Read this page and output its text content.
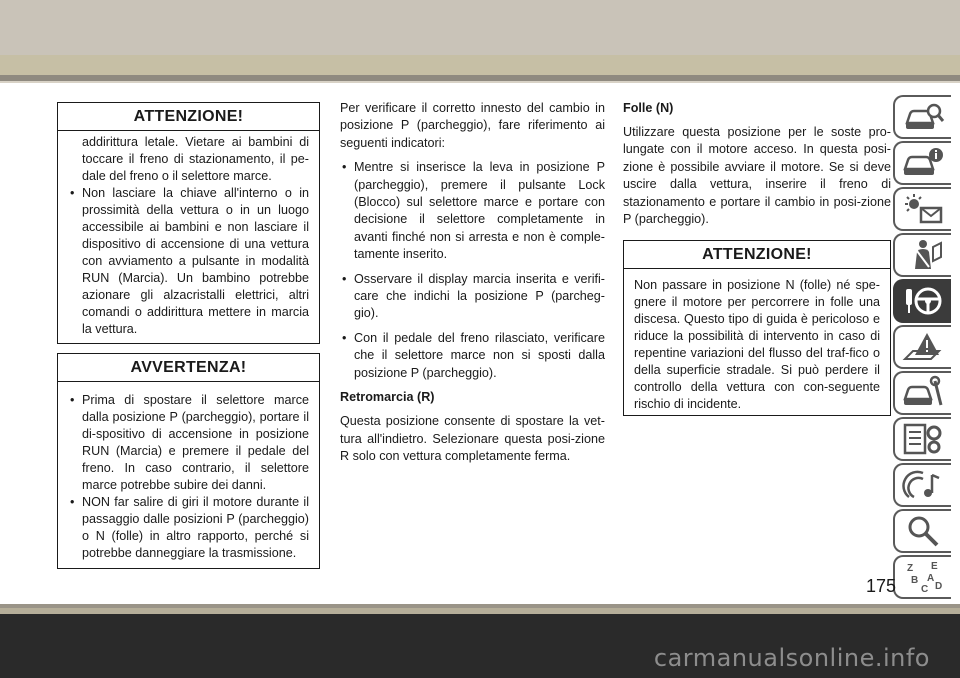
ATTENZIONE!
addirittura letale. Vietare ai bambini di toccare il freno di stazionamento, il pe-dale del freno o il selettore marce.
• Non lasciare la chiave all'interno o in prossimità della vettura o in un luogo accessibile ai bambini e non lasciare il dispositivo di accensione di una vettura con avviamento a pulsante in modalità RUN (Marcia). Un bambino potrebbe azionare gli alzacristalli elettrici, altri comandi o addirittura mettere in marcia la vettura.
AVVERTENZA!
• Prima di spostare il selettore marce dalla posizione P (parcheggio), portare il di-spositivo di accensione in posizione RUN (Marcia) e premere il pedale del freno. In caso contrario, il selettore marce potrebbe subire dei danni.
• NON far salire di giri il motore durante il passaggio dalle posizioni P (parcheggio) o N (folle) in altro rapporto, perché si potrebbe danneggiare la trasmissione.
Per verificare il corretto innesto del cambio in posizione P (parcheggio), fare riferimento ai seguenti indicatori:
• Mentre si inserisce la leva in posizione P (parcheggio), premere il pulsante Lock (Blocco) sul selettore marce e portare con decisione il selettore completamente in avanti finché non si arresta e non è comple-tamente inserito.
• Osservare il display marcia inserita e verifi-care che indichi la posizione P (parcheg-gio).
• Con il pedale del freno rilasciato, verificare che il selettore marce non si sposti dalla posizione P (parcheggio).
Retromarcia (R)
Questa posizione consente di spostare la vet-tura all'indietro. Selezionare questa posi-zione R solo con vettura completamente ferma.
Folle (N)
Utilizzare questa posizione per le soste pro-lungate con il motore acceso. In questa posi-zione è possibile avviare il motore. Se si deve uscire dalla vettura, inserire il freno di stazionamento e portare il cambio in posi-zione P (parcheggio).
ATTENZIONE!
Non passare in posizione N (folle) né spe-gnere il motore per percorrere in folle una discesa. Questo tipo di guida è pericoloso e riduce la possibilità di intervento in caso di repentine variazioni del flusso del traf-fico o della superficie stradale. Si può perdere il controllo della vettura con con-seguente rischio di incidente.
Z E
B A
C D
175
carmanualsonline.info
